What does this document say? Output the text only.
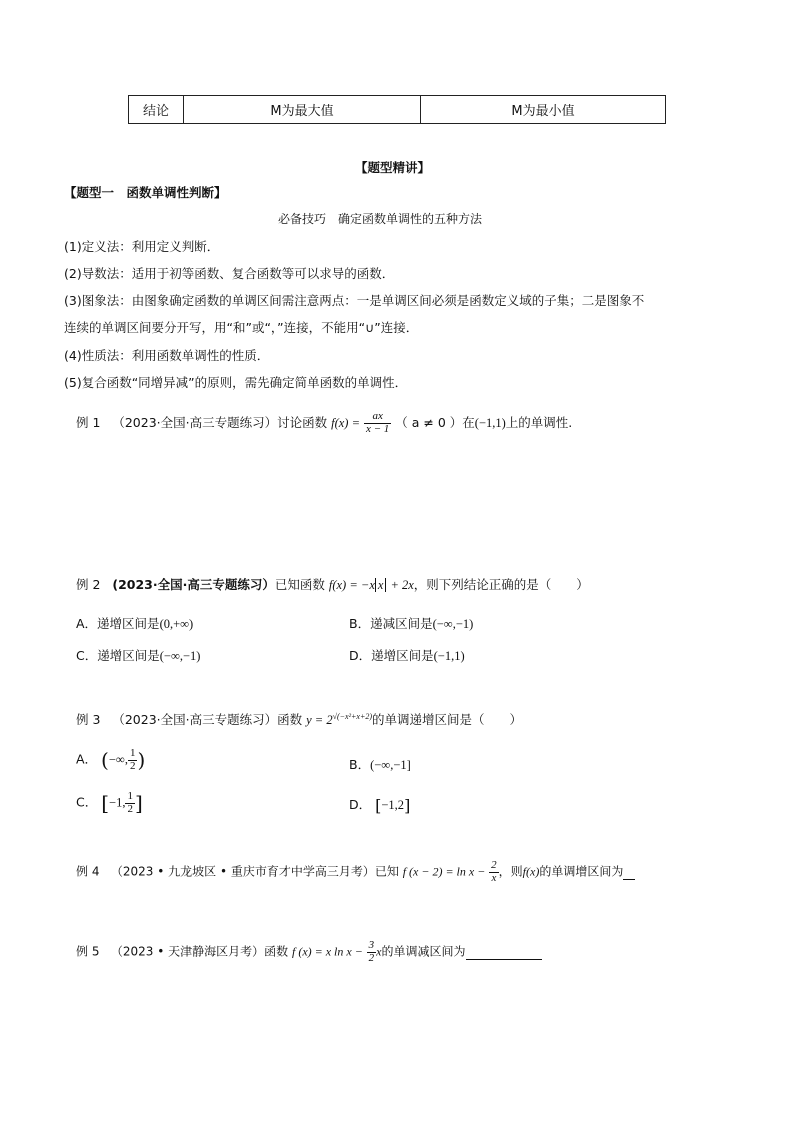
结论	M为最大值	M为最小值
【题型精讲】
【题型一　函数单调性判断】
必备技巧　确定函数单调性的五种方法
(1)定义法：利用定义判断．
(2)导数法：适用于初等函数、复合函数等可以求导的函数．
(3)图象法：由图象确定函数的单调区间需注意两点：一是单调区间必须是函数定义域的子集；二是图象不
连续的单调区间要分开写，用“和”或“，”连接，不能用“∪”连接．
(4)性质法：利用函数单调性的性质．
(5)复合函数“同增异减”的原则，需先确定简单函数的单调性．
例 1 （2023·全国·高三专题练习）讨论函数 $f(x) = \frac{ax}{x - 1}$ （ a ≠ 0 ）在(−1,1)上的单调性.
例 2 (2023·全国·高三专题练习）已知函数 f(x) = −x x + 2x，则下列结论正确的是（　　）
A．递增区间是(0,+∞)	B．递减区间是(−∞,−1)
C．递增区间是(−∞,−1)	D．递增区间是(−1,1)
例 3 （2023·全国·高三专题练习）函数 $y = 2^{√(-x^2+x+2)}$的单调递增区间是（　　）
A． (−∞, $\frac{1}{2}$ )	B．(−∞,−1]
C． [−1, $\frac{1}{2}$ ]	D． [−1,2]
例 4 （2023 • 九龙坡区 • 重庆市育才中学高三月考）已知 f $(x - 2) = \ln x - \frac{2}{x}$ ，则f(x)的单调增区间为
例 5 （2023 • 天津静海区月考）函数 f (x) = x $\ln x - \frac{3}{2}$ x的单调减区间为
